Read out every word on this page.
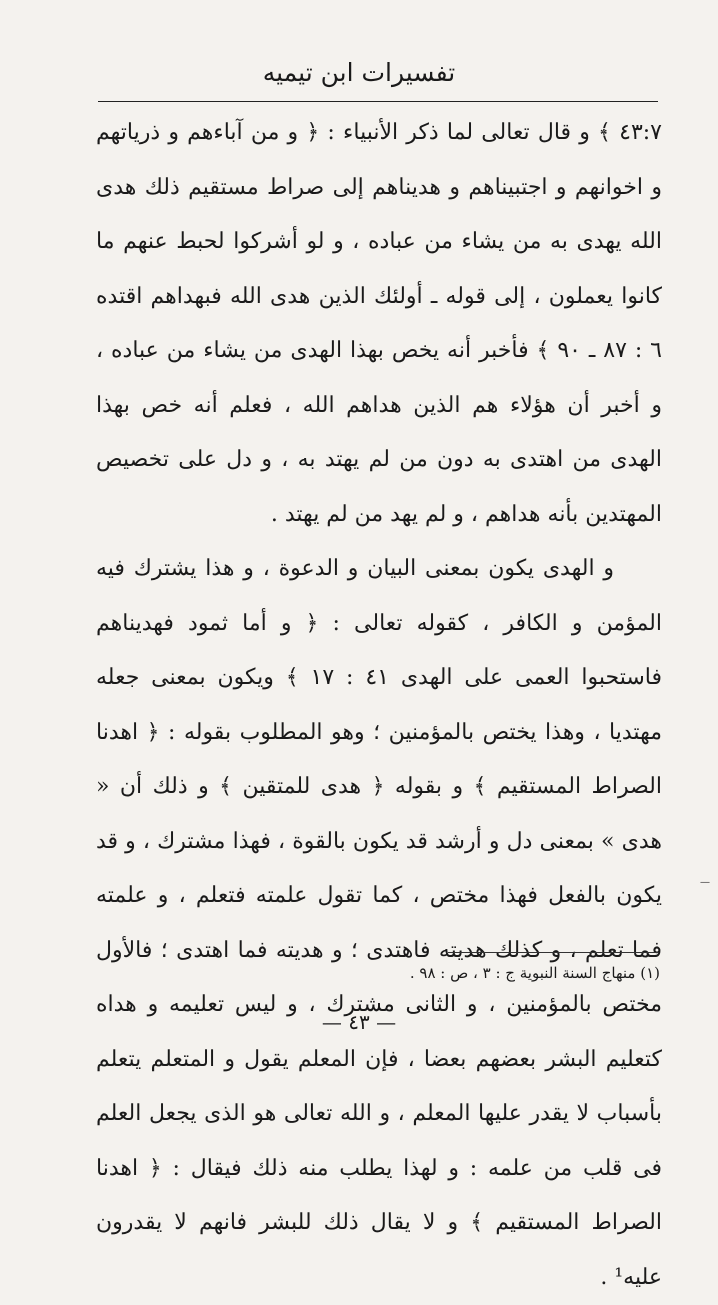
تفسيرات ابن تيميه

٤٣:٧ ﴾ و قال تعالى لما ذكر الأنبياء : ﴿ و من آباءهم و ذرياتهم و اخوانهم و اجتبيناهم و هديناهم إلى صراط مستقيم ذلك هدى الله يهدى به من يشاء من عباده ، و لو أشركوا لحبط عنهم ما كانوا يعملون ، إلى قوله ـ أولئك الذين هدى الله فبهداهم اقتده ٦ : ٨٧ ـ ٩٠ ﴾ فأخبر أنه يخص بهذا الهدى من يشاء من عباده ، و أخبر أن هؤلاء هم الذين هداهم الله ، فعلم أنه خص بهذا الهدى من اهتدى به دون من لم يهتد به ، و دل على تخصيص المهتدين بأنه هداهم ، و لم يهد من لم يهتد .

و الهدى يكون بمعنى البيان و الدعوة ، و هذا يشترك فيه المؤمن و الكافر ، كقوله تعالى : ﴿ و أما ثمود فهديناهم فاستحبوا العمى على الهدى ٤١ : ١٧ ﴾ ويكون بمعنى جعله مهتديا ، وهذا يختص بالمؤمنين ؛ وهو المطلوب بقوله : ﴿ اهدنا الصراط المستقيم ﴾ و بقوله ﴿ هدى للمتقين ﴾ و ذلك أن « هدى » بمعنى دل و أرشد قد يكون بالقوة ، فهذا مشترك ، و قد يكون بالفعل فهذا مختص ، كما تقول علمته فتعلم ، و علمته فما تعلم ، و كذلك هديته فاهتدى ؛ و هديته فما اهتدى ؛ فالأول مختص بالمؤمنين ، و الثانى مشترك ، و ليس تعليمه و هداه كتعليم البشر بعضهم بعضا ، فإن المعلم يقول و المتعلم يتعلم بأسباب لا يقدر عليها المعلم ، و الله تعالى هو الذى يجعل العلم فى قلب من علمه : و لهذا يطلب منه ذلك فيقال : ﴿ اهدنا الصراط المستقيم ﴾ و لا يقال ذلك للبشر فانهم لا يقدرون عليه¹ .

—
(١) منهاج السنة النبوية ج : ٣ ، ص : ٩٨ .
— ٤٣ —
